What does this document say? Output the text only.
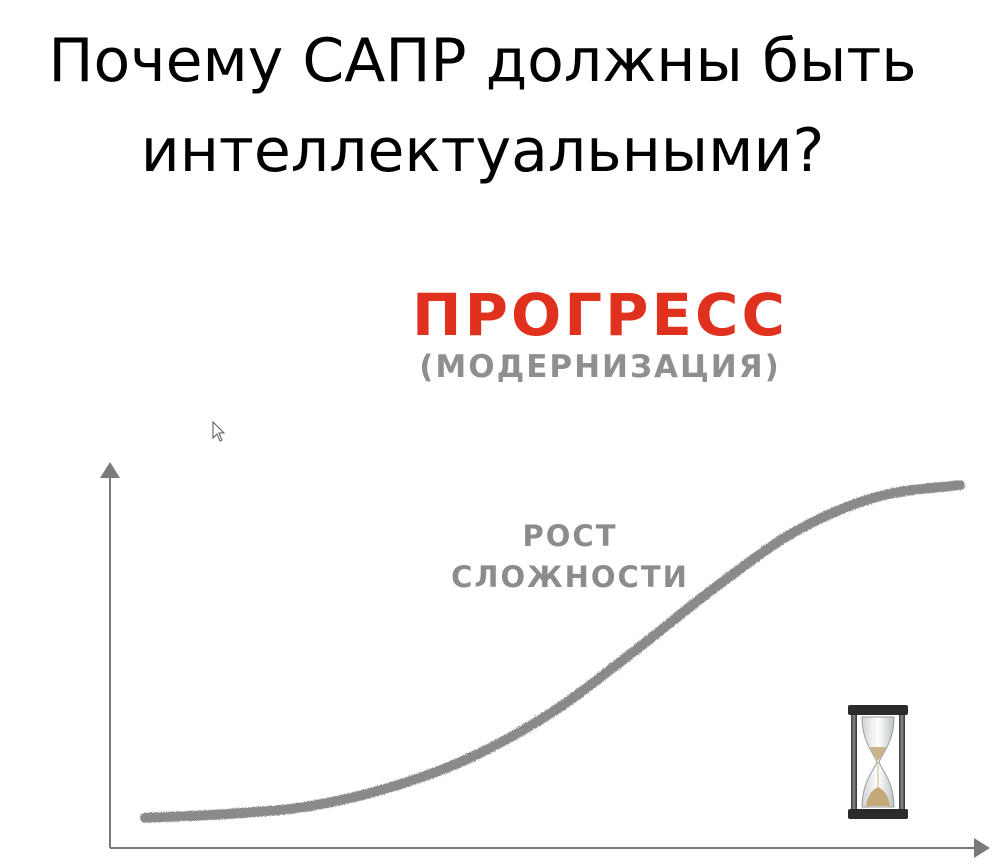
Почему САПР должны быть
интеллектуальными?
ПРОГРЕСС
(МОДЕРНИЗАЦИЯ)
РОСТ
СЛОЖНОСТИ
